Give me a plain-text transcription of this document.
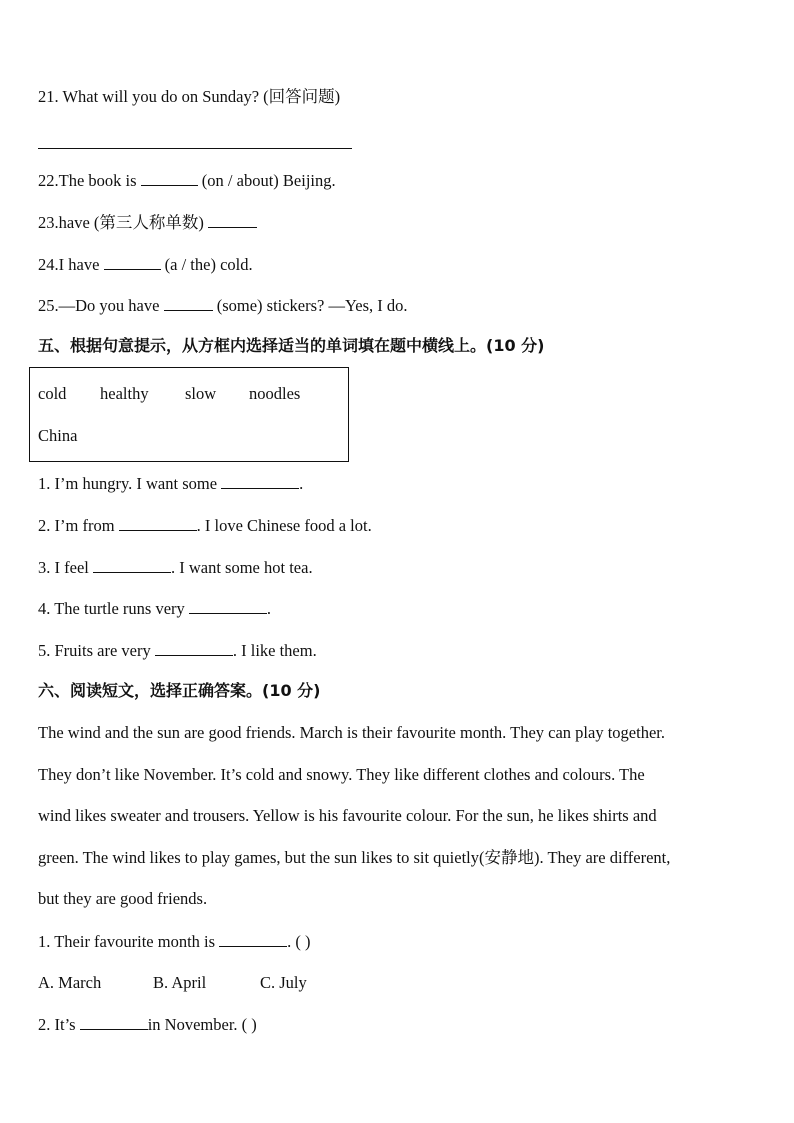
21. What will you do on Sunday? (回答问题)
22.The book is	(on / about) Beijing.
23.have (第三人称单数)
24.I have	(a / the) cold.
25.—Do you have	(some) stickers? —Yes, I do.
五、根据句意提示，从方框内选择适当的单词填在题中横线上。(10 分)
cold healthy slow noodles
China
1. I’m hungry. I want some	.
2. I’m from	. I love Chinese food a lot.
3. I feel	. I want some hot tea.
4. The turtle runs very	.
5. Fruits are very	. I like them.
六、阅读短文，选择正确答案。(10 分)
The wind and the sun are good friends. March is their favourite month. They can play together.
They don’t like November. It’s cold and snowy. They like different clothes and colours. The
wind likes sweater and trousers. Yellow is his favourite colour. For the sun, he likes shirts and
green. The wind likes to play games, but the sun likes to sit quietly(安静地). They are different,
but they are good friends.
1. Their favourite month is	. ( )
A. March	B. April	C. July
2. It’s	in November. ( )
